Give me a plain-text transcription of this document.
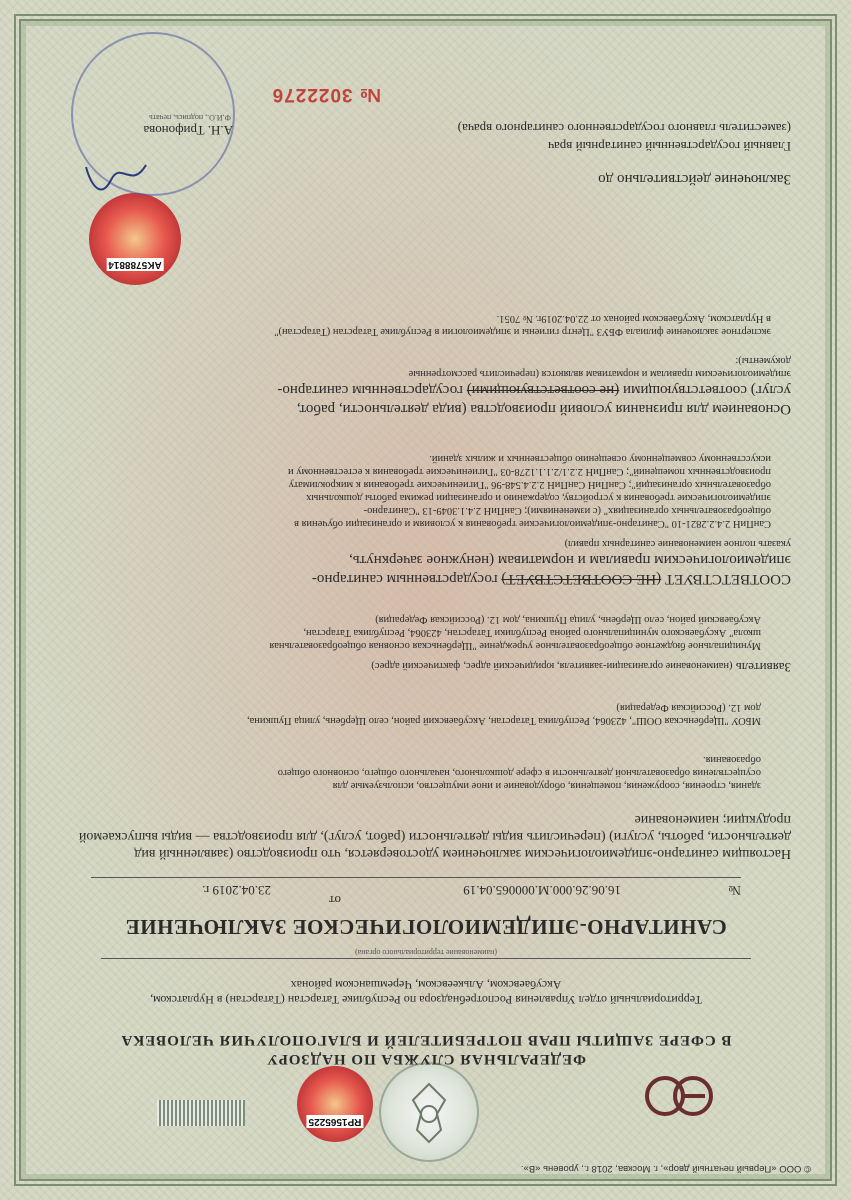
© ООО «Первый печатный двор», г. Москва, 2018 г., уровень «В».
RP1565225
ФЕДЕРАЛЬНАЯ СЛУЖБА ПО НАДЗОРУ
В СФЕРЕ ЗАЩИТЫ ПРАВ ПОТРЕБИТЕЛЕЙ И БЛАГОПОЛУЧИЯ ЧЕЛОВЕКА
Территориальный отдел Управления Роспотребнадзора по Республике Татарстан (Татарстан) в Нурлатском,
Аксубаевском, Алькеевском, Черемшанском районах
(наименование территориального органа)
САНИТАРНО-ЭПИДЕМИОЛОГИЧЕСКОЕ ЗАКЛЮЧЕНИЕ
№
16.06.26.000.М.000065.04.19
от
23.04.2019 г.
Настоящим санитарно-эпидемиологическим заключением удостоверяется, что производство (заявленный вид деятельности, работы, услуги) (перечислить виды деятельности (работ, услуг), для производства — виды выпускаемой продукции; наименование
здания, строения, сооружения, помещения, оборудование и иное имущество, используемые для
осуществления образовательной деятельности в сфере дошкольного, начального общего, основного общего
образования.
МБОУ "Щербеньская ООШ", 423064, Республика Татарстан, Аксубаевский район, село Щербень, улица Пушкина,
дом 12. (Российская Федерация)
Заявитель (наименование организации-заявителя, юридический адрес, фактический адрес)
Муниципальное бюджетное общеобразовательное учреждение "Щербеньская основная общеобразовательная
школа" Аксубаевского муниципального района Республики Татарстан, 423064, Республика Татарстан,
Аксубаевский район, село Щербень, улица Пушкина, дом 12. (Российская Федерация)
СООТВЕТСТВУЕТ (НЕ СООТВЕТСТВУЕТ) государственным санитарно-
эпидемиологическим правилам и нормативам (ненужное зачеркнуть,
указать полное наименование санитарных правил)
СанПиН 2.4.2.2821-10 "Санитарно-эпидемиологические требования к условиям и организации обучения в
общеобразовательных организациях" (с изменениями); СанПиН 2.4.1.3049-13 "Санитарно-
эпидемиологические требования к устройству, содержанию и организации режима работы дошкольных
образовательных организаций"; СанПиН СанПиН 2.2.4.548-96 "Гигиенические требования к микроклимату
производственных помещений"; СанПиН 2.2.1/2.1.1.1278-03 "Гигиенические требования к естественному и
искусственному совмещенному освещению общественных и жилых зданий.
Основанием для признания условий производства (вида деятельности, работ,
услуг) соответствующими (не соответствующими) государственным санитарно-
эпидемиологическим правилам и нормативам являются (перечислить рассмотренные
документы):
экспертное заключение филиала ФБУЗ "Центр гигиены и эпидемиологии в Республике Татарстан (Татарстан)"
в Нурлатском, Аксубаевском районах от 22.04.2019г. № 7051.
AK5788814
Заключение действительно до
Главный государственный санитарный врач
(заместитель главного государственного санитарного врача)
А.Н. Трифонова
Ф.И.О., подпись, печать
№ 3022276
